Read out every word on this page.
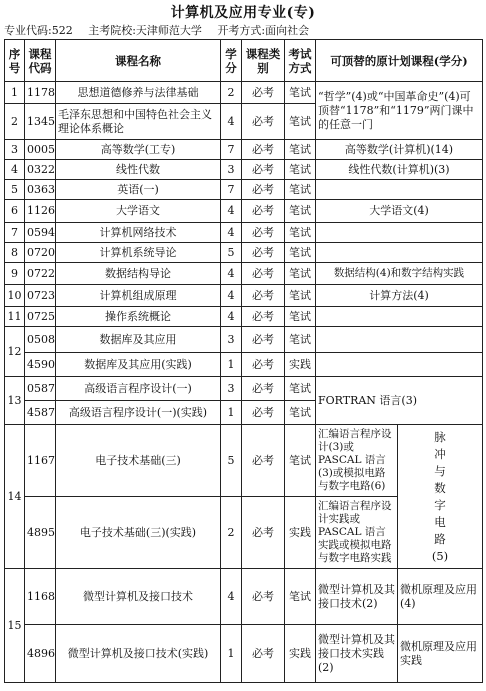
计算机及应用专业(专)
专业代码:522 主考院校:天津师范大学 开考方式:面向社会
序号	课程代码	课程名称	学分	课程类别	考试方式	可顶替的原计划课程(学分)	
1	1178	思想道德修养与法律基础	2	必考	笔试	“哲学”(4)或“中国革命史”(4)可顶替“1178”和“1179”两门课中的任意一门	
2	1345	毛泽东思想和中国特色社会主义理论体系概论	4	必考	笔试		
3	0005	高等数学(工专)	7	必考	笔试	高等数学(计算机)(14)	
4	0322	线性代数	3	必考	笔试	线性代数(计算机)(3)	
5	0363	英语(一)	7	必考	笔试		
6	1126	大学语文	4	必考	笔试	大学语文(4)	
7	0594	计算机网络技术	4	必考	笔试		
8	0720	计算机系统导论	5	必考	笔试		
9	0722	数据结构导论	4	必考	笔试	数据结构(4)和数字结构实践	
10	0723	计算机组成原理	4	必考	笔试	计算方法(4)	
11	0725	操作系统概论	4	必考	笔试		
12	0508	数据库及其应用	3	必考	笔试		
	4590	数据库及其应用(实践)	1	必考	实践		
13	0587	高级语言程序设计(一)	3	必考	笔试	FORTRAN 语言(3)	
	4587	高级语言程序设计(一)(实践)	1	必考	笔试		
14	1167	电子技术基础(三)	5	必考	笔试	汇编语言程序设计(3)或 PASCAL 语言(3)或模拟电路与数字电路(6)	脉冲与数字电路(5)

	4895	电子技术基础(三)(实践)	2	必考	实践	汇编语言程序设计实践或 PASCAL 语言实践或模拟电路与数字电路实践	
15	1168	微型计算机及接口技术	4	必考	笔试	微型计算机及其接口技术(2)	微机原理及应用(4)
	4896	微型计算机及接口技术(实践)	1	必考	实践	微型计算机及其接口技术实践(2)	微机原理及应用实践
